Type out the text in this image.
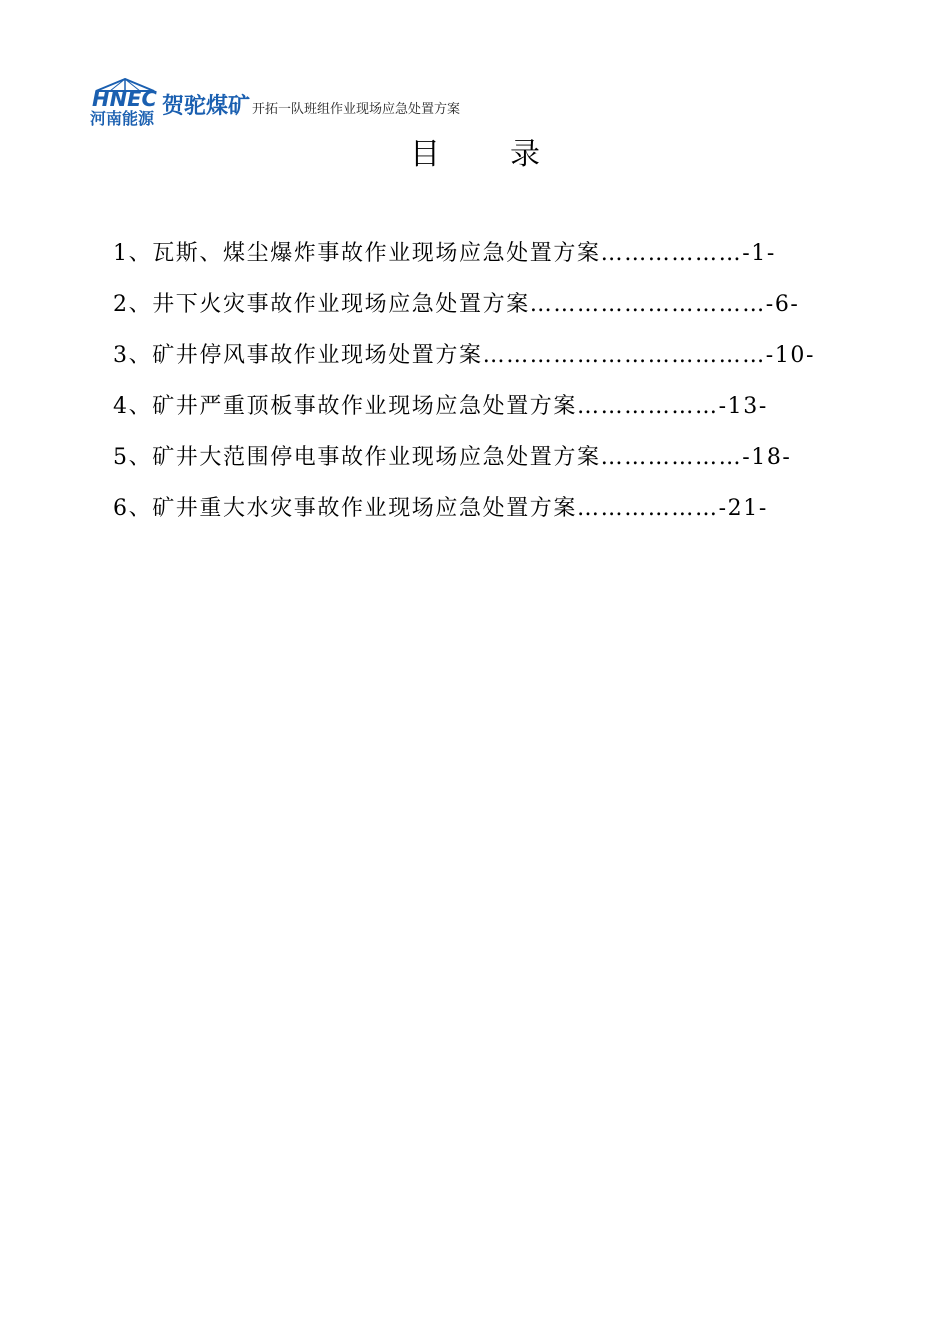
HNEC
河南能源 贺驼煤矿 开拓一队班组作业现场应急处置方案
目 录
1、瓦斯、煤尘爆炸事故作业现场应急处置方案………………-1-
2、井下火灾事故作业现场应急处置方案…………………………-6-
3、矿井停风事故作业现场处置方案………………………………-10-
4、矿井严重顶板事故作业现场应急处置方案………………-13-
5、矿井大范围停电事故作业现场应急处置方案………………-18-
6、矿井重大水灾事故作业现场应急处置方案………………-21-
